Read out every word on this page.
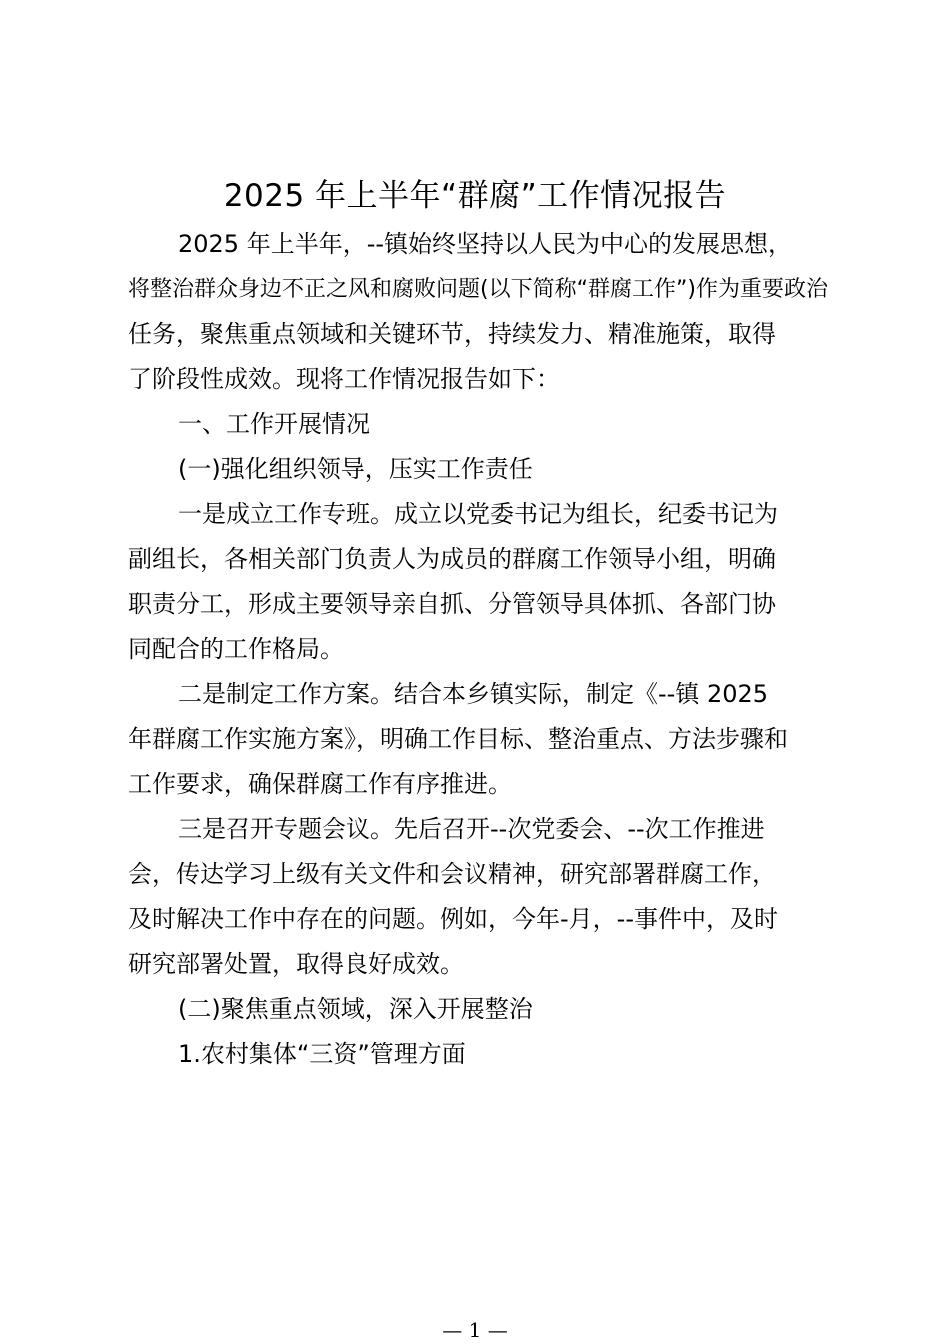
2025 年上半年“群腐”工作情况报告
2025 年上半年，--镇始终坚持以人民为中心的发展思想，
将整治群众身边不正之风和腐败问题(以下简称“群腐工作”)作为重要政治
任务，聚焦重点领域和关键环节，持续发力、精准施策，取得
了阶段性成效。现将工作情况报告如下：
一、工作开展情况
(一)强化组织领导，压实工作责任
一是成立工作专班。成立以党委书记为组长，纪委书记为
副组长，各相关部门负责人为成员的群腐工作领导小组，明确
职责分工，形成主要领导亲自抓、分管领导具体抓、各部门协
同配合的工作格局。
二是制定工作方案。结合本乡镇实际，制定《--镇 2025
年群腐工作实施方案》，明确工作目标、整治重点、方法步骤和
工作要求，确保群腐工作有序推进。
三是召开专题会议。先后召开--次党委会、--次工作推进
会，传达学习上级有关文件和会议精神，研究部署群腐工作，
及时解决工作中存在的问题。例如，今年-月，--事件中，及时
研究部署处置，取得良好成效。
(二)聚焦重点领域，深入开展整治
1.农村集体“三资”管理方面
— 1 —
